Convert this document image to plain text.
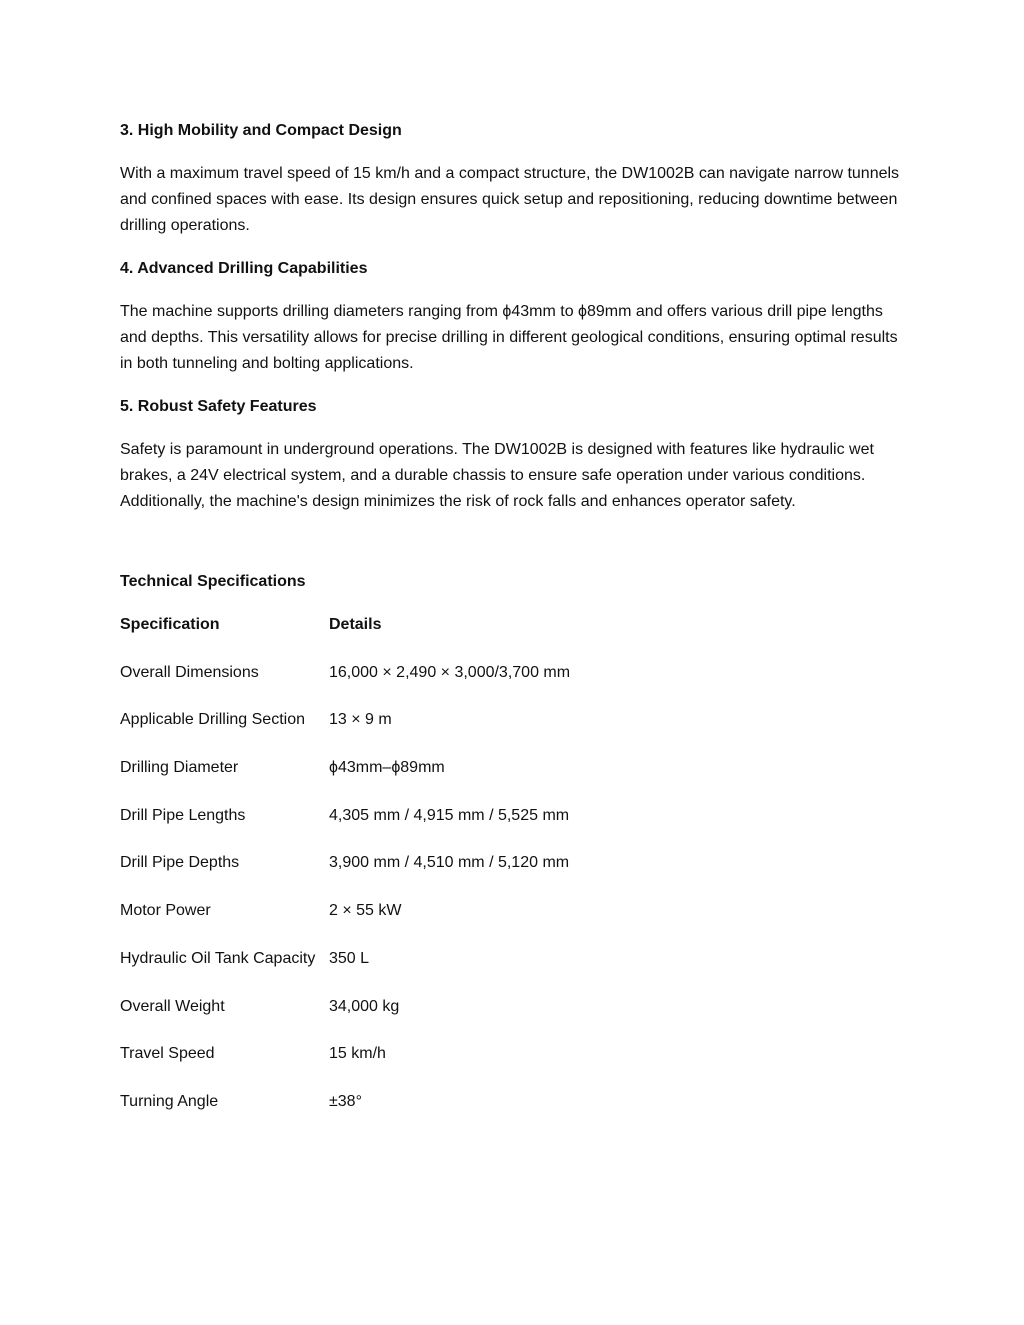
3. High Mobility and Compact Design
With a maximum travel speed of 15 km/h and a compact structure, the DW1002B can navigate narrow tunnels and confined spaces with ease. Its design ensures quick setup and repositioning, reducing downtime between drilling operations.
4. Advanced Drilling Capabilities
The machine supports drilling diameters ranging from ϕ43mm to ϕ89mm and offers various drill pipe lengths and depths. This versatility allows for precise drilling in different geological conditions, ensuring optimal results in both tunneling and bolting applications.
5. Robust Safety Features
Safety is paramount in underground operations. The DW1002B is designed with features like hydraulic wet brakes, a 24V electrical system, and a durable chassis to ensure safe operation under various conditions. Additionally, the machine's design minimizes the risk of rock falls and enhances operator safety.
Technical Specifications
Specification	Details
Overall Dimensions	16,000 × 2,490 × 3,000/3,700 mm
Applicable Drilling Section	13 × 9 m
Drilling Diameter	ϕ43mm–ϕ89mm
Drill Pipe Lengths	4,305 mm / 4,915 mm / 5,525 mm
Drill Pipe Depths	3,900 mm / 4,510 mm / 5,120 mm
Motor Power	2 × 55 kW
Hydraulic Oil Tank Capacity 350 L
Overall Weight	34,000 kg
Travel Speed	15 km/h
Turning Angle	±38°
